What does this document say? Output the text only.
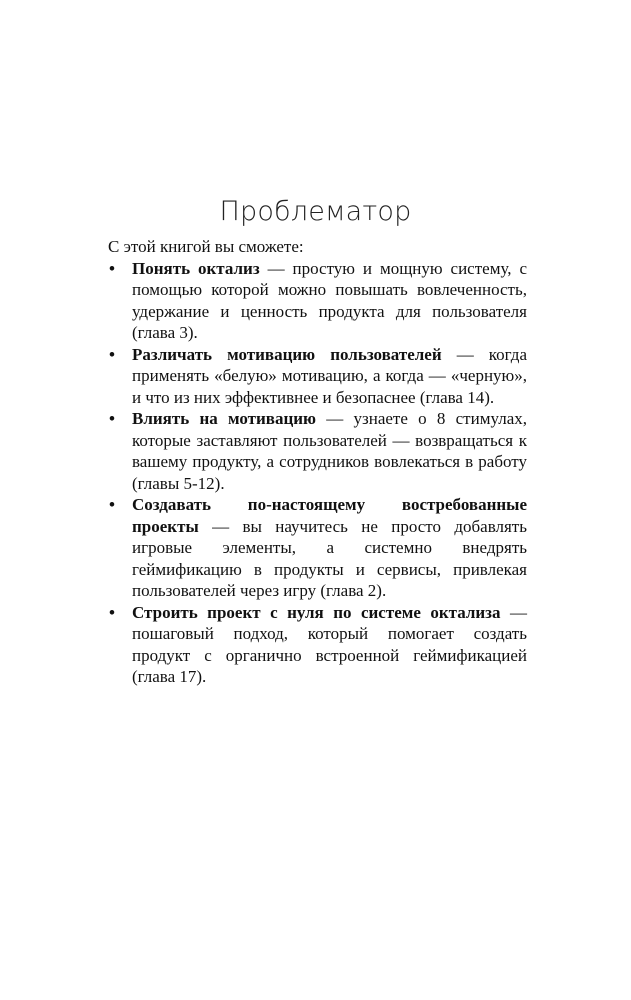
Проблематор

С этой книгой вы сможете:

• Понять октализ — простую и мощную систему, с помощью которой можно повышать вовлеченность, удержание и ценность продукта для пользователя (глава 3).
• Различать мотивацию пользователей — когда применять «белую» мотивацию, а когда — «черную», и что из них эффективнее и безопаснее (глава 14).
• Влиять на мотивацию — узнаете о 8 стимулах, которые заставляют пользователей — возвращаться к вашему продукту, а сотрудников вовлекаться в работу (главы 5-12).
• Создавать по-настоящему востребованные проекты — вы научитесь не просто добавлять игровые элементы, а системно внедрять геймификацию в продукты и сервисы, привлекая пользователей через игру (глава 2).
• Строить проект с нуля по системе октализа — пошаговый подход, который помогает создать продукт с органично встроенной геймификацией (глава 17).
